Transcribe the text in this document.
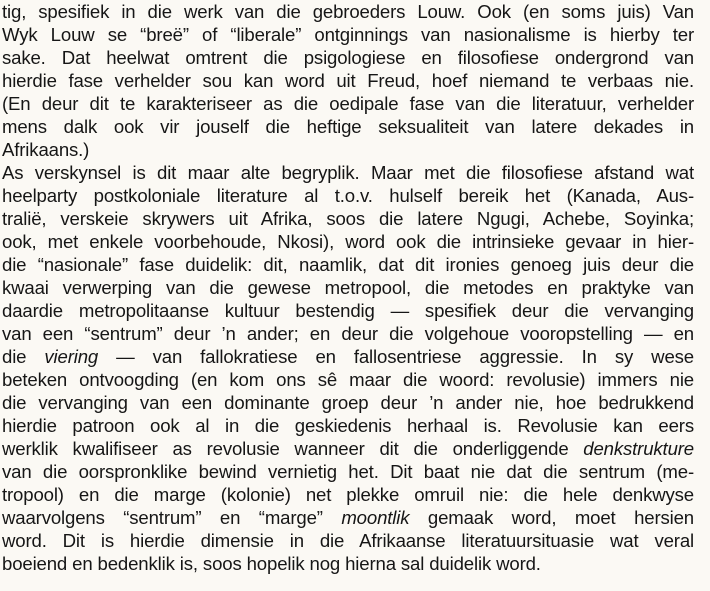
tig, spesifiek in die werk van die gebroeders Louw. Ook (en soms juis) Van
Wyk Louw se “breë” of “liberale” ontginnings van nasionalisme is hierby ter
sake. Dat heelwat omtrent die psigologiese en filosofiese ondergrond van
hierdie fase verhelder sou kan word uit Freud, hoef niemand te verbaas nie.
(En deur dit te karakteriseer as die oedipale fase van die literatuur, verhelder
mens dalk ook vir jouself die heftige seksualiteit van latere dekades in
Afrikaans.)
As verskynsel is dit maar alte begryplik. Maar met die filosofiese afstand wat
heelparty postkoloniale literature al t.o.v. hulself bereik het (Kanada, Aus-
tralië, verskeie skrywers uit Afrika, soos die latere Ngugi, Achebe, Soyinka;
ook, met enkele voorbehoude, Nkosi), word ook die intrinsieke gevaar in hier-
die “nasionale” fase duidelik: dit, naamlik, dat dit ironies genoeg juis deur die
kwaai verwerping van die gewese metropool, die metodes en praktyke van
daardie metropolitaanse kultuur bestendig — spesifiek deur die vervanging
van een “sentrum” deur ’n ander; en deur die volgehoue vooropstelling — en
die viering — van fallokratiese en fallosentriese aggressie. In sy wese
beteken ontvoogding (en kom ons sê maar die woord: revolusie) immers nie
die vervanging van een dominante groep deur ’n ander nie, hoe bedrukkend
hierdie patroon ook al in die geskiedenis herhaal is. Revolusie kan eers
werklik kwalifiseer as revolusie wanneer dit die onderliggende denkstrukture
van die oorspronklike bewind vernietig het. Dit baat nie dat die sentrum (me-
tropool) en die marge (kolonie) net plekke omruil nie: die hele denkwyse
waarvolgens “sentrum” en “marge” moontlik gemaak word, moet hersien
word. Dit is hierdie dimensie in die Afrikaanse literatuursituasie wat veral
boeiend en bedenklik is, soos hopelik nog hierna sal duidelik word.
